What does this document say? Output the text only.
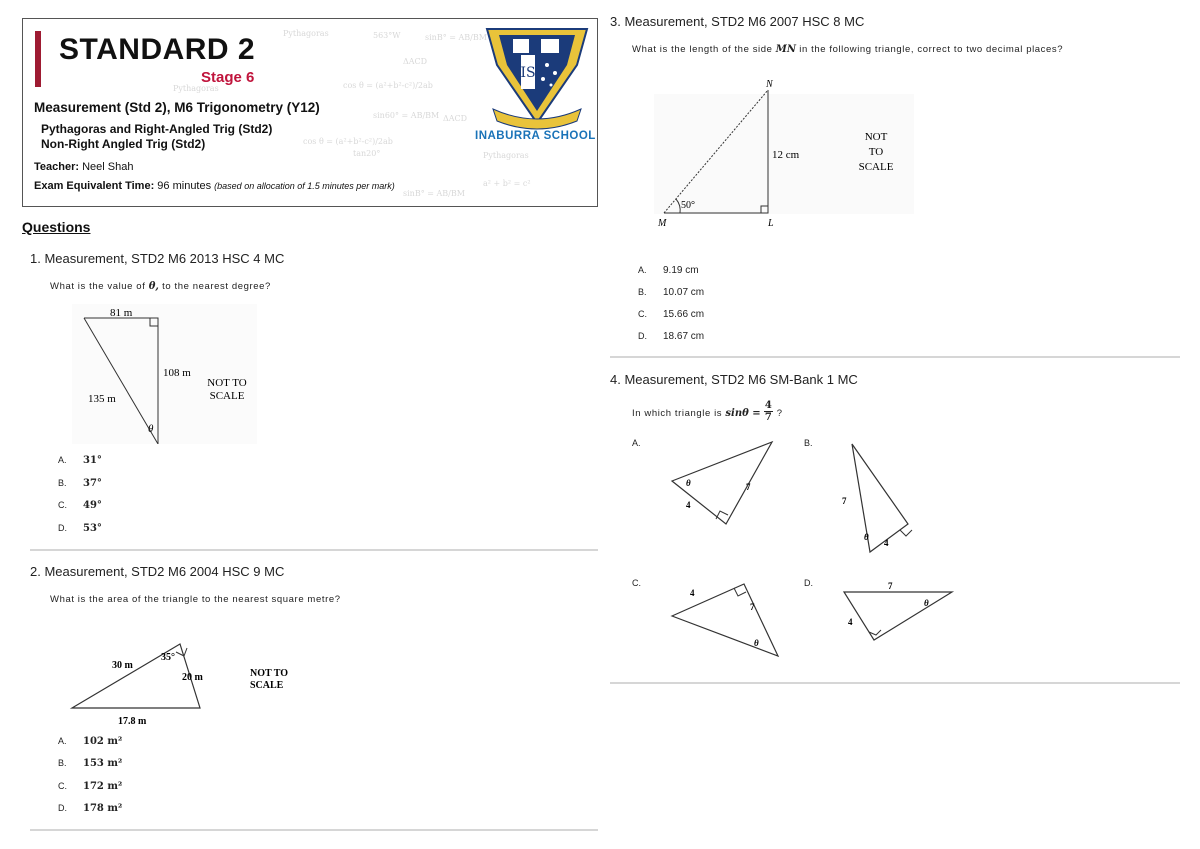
Pythagoras	563°W	sinB° = AB/BM
ΔACD
cos θ = (a²+b²-c²)/2ab
Pythagoras
sin60° = AB/BM ΔACD
cos θ = (a²+b²-c²)/2ab
tan20°	Pythagoras
a² + b² = c²
sinB° = AB/BM
STANDARD 2
Stage 6
Measurement (Std 2), M6 Trigonometry (Y12)
Pythagoras and Right-Angled Trig (Std2)
Non-Right Angled Trig (Std2)
Teacher: Neel Shah
Exam Equivalent Time: 96 minutes (based on allocation of 1.5 minutes per mark)
IS
INABURRA SCHOOL
Questions
1. Measurement, STD2 M6 2013 HSC 4 MC
What is the value of θ, to the nearest degree?
81 m
108 m
135 m
θ
NOT TO
SCALE
A. 31°
B. 37°
C. 49°
D. 53°
2. Measurement, STD2 M6 2004 HSC 9 MC
What is the area of the triangle to the nearest square metre?
30 m
35°
20 m
17.8 m
NOT TO
SCALE
A. 102 m²
B. 153 m²
C. 172 m²
D. 178 m²
3. Measurement, STD2 M6 2007 HSC 8 MC
What is the length of the side MN in the following triangle, correct to two decimal places?
N
M	L
12 cm
50°
NOT
TO
SCALE
A. 9.19 cm
B. 10.07 cm
C. 15.66 cm
D. 18.67 cm
4. Measurement, STD2 M6 SM-Bank 1 MC
In which triangle is $\sin\theta = \frac{4}{7}$ ?
A.	B.
C.	D.
θ	7
4	7
θ
4
4
7
θ
7
θ
4
